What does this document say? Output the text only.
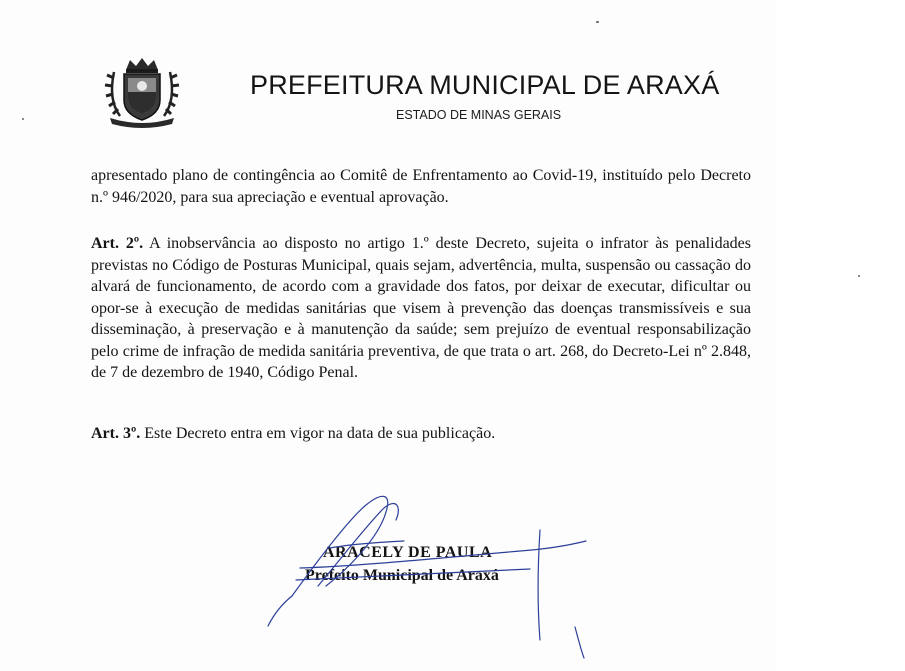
PREFEITURA MUNICIPAL DE ARAXÁ
ESTADO DE MINAS GERAIS

apresentado plano de contingência ao Comitê de Enfrentamento ao Covid-19, instituído pelo Decreto n.º 946/2020, para sua apreciação e eventual aprovação.

Art. 2º. A inobservância ao disposto no artigo 1.º deste Decreto, sujeita o infrator às penalidades previstas no Código de Posturas Municipal, quais sejam, advertência, multa, suspensão ou cassação do alvará de funcionamento, de acordo com a gravidade dos fatos, por deixar de executar, dificultar ou opor-se à execução de medidas sanitárias que visem à prevenção das doenças transmissíveis e sua disseminação, à preservação e à manutenção da saúde; sem prejuízo de eventual responsabilização pelo crime de infração de medida sanitária preventiva, de que trata o art. 268, do Decreto-Lei nº 2.848, de 7 de dezembro de 1940, Código Penal.

Art. 3º. Este Decreto entra em vigor na data de sua publicação.

ARACELY DE PAULA
Prefeito Municipal de Araxá
